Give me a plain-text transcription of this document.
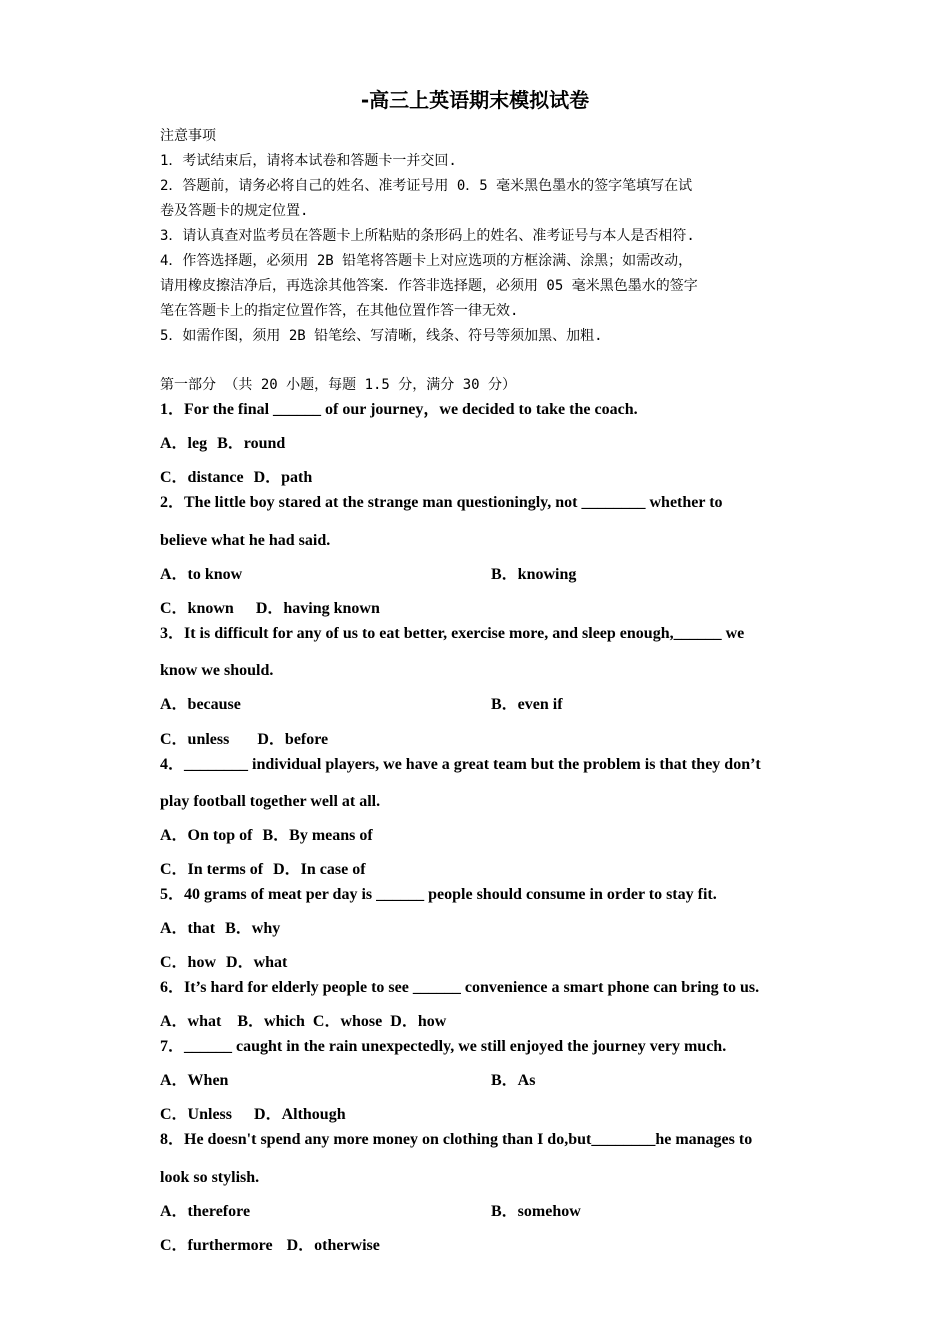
-高三上英语期末模拟试卷
注意事项
1．考试结束后，请将本试卷和答题卡一并交回.
2．答题前，请务必将自己的姓名、准考证号用 0．5 毫米黑色墨水的签字笔填写在试
卷及答题卡的规定位置.
3．请认真查对监考员在答题卡上所粘贴的条形码上的姓名、准考证号与本人是否相符.
4．作答选择题，必须用 2B 铅笔将答题卡上对应选项的方框涂满、涂黑；如需改动，
请用橡皮擦洁净后，再选涂其他答案．作答非选择题，必须用 05 毫米黑色墨水的签字
笔在答题卡上的指定位置作答，在其他位置作答一律无效.
5．如需作图，须用 2B 铅笔绘、写清晰，线条、符号等须加黑、加粗.
第一部分 （共 20 小题，每题 1.5 分，满分 30 分）
1．For the final ______ of our journey，we decided to take the coach.
A．leg B．round
C．distance D．path
2．The little boy stared at the strange man questioningly, not ________ whether to
believe what he had said.
A．to know	B．knowing
C．known D．having known
3．It is difficult for any of us to eat better, exercise more, and sleep enough,______ we
know we should.
A．because	B．even if
C．unless D．before
4．________ individual players, we have a great team but the problem is that they don’t
play football together well at all.
A．On top of B．By means of
C．In terms of D．In case of
5．40 grams of meat per day is ______ people should consume in order to stay fit.
A．that B．why
C．how D．what
6．It’s hard for elderly people to see ______ convenience a smart phone can bring to us.
A．what B．which C．whose D．how
7．______ caught in the rain unexpectedly, we still enjoyed the journey very much.
A．When	B．As
C．Unless D．Although
8．He doesn't spend any more money on clothing than I do,but________he manages to
look so stylish.
A．therefore	B．somehow
C．furthermore D．otherwise
